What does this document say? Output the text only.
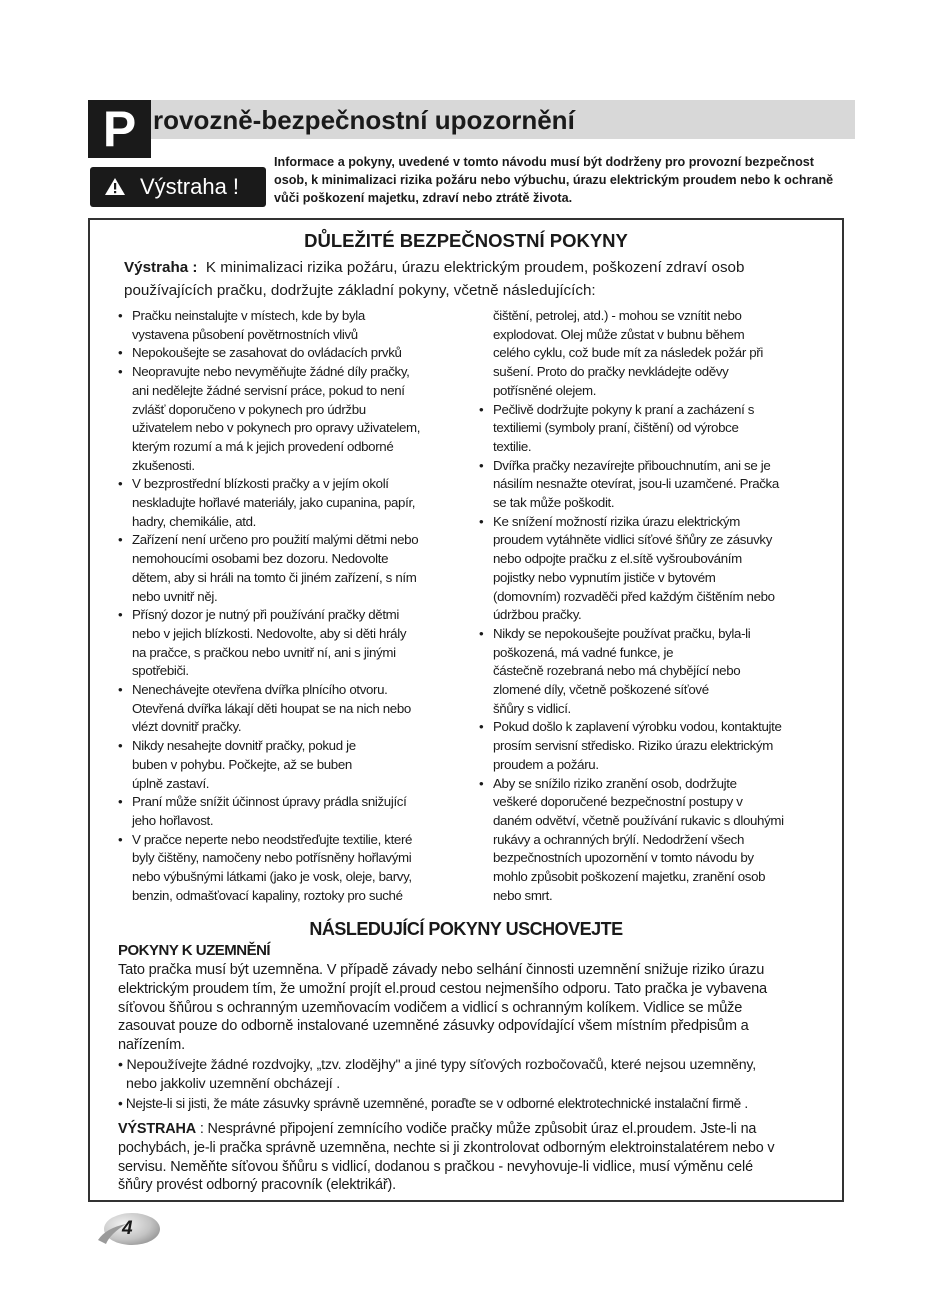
P rovozně-bezpečnostní upozornění
Výstraha !
Informace a pokyny, uvedené v tomto návodu musí být dodrženy pro provozní bezpečnost osob, k minimalizaci rizika požáru nebo výbuchu, úrazu elektrickým proudem nebo k ochraně vůči poškození majetku, zdraví nebo ztrátě života.
DŮLEŽITÉ BEZPEČNOSTNÍ POKYNY
Výstraha : K minimalizaci rizika požáru, úrazu elektrickým proudem, poškození zdraví osob
používajících pračku, dodržujte základní pokyny, včetně následujících:
• Pračku neinstalujte v místech, kde by byla
vystavena působení povětrnostních vlivů
• Nepokoušejte se zasahovat do ovládacích prvků
• Neopravujte nebo nevyměňujte žádné díly pračky,
ani nedělejte žádné servisní práce, pokud to není
zvlášť doporučeno v pokynech pro údržbu
uživatelem nebo v pokynech pro opravy uživatelem,
kterým rozumí a má k jejich provedení odborné
zkušenosti.
• V bezprostřední blízkosti pračky a v jejím okolí
neskladujte hořlavé materiály, jako cupanina, papír,
hadry, chemikálie, atd.
• Zařízení není určeno pro použití malými dětmi nebo
nemohoucími osobami bez dozoru. Nedovolte
dětem, aby si hráli na tomto či jiném zařízení, s ním
nebo uvnitř něj.
• Přísný dozor je nutný při používání pračky dětmi
nebo v jejich blízkosti. Nedovolte, aby si děti hrály
na pračce, s pračkou nebo uvnitř ní, ani s jinými
spotřebiči.
• Nenechávejte otevřena dvířka plnícího otvoru.
Otevřená dvířka lákají děti houpat se na nich nebo
vlézt dovnitř pračky.
• Nikdy nesahejte dovnitř pračky, pokud je
buben v pohybu. Počkejte, až se buben
úplně zastaví.
• Praní může snížit účinnost úpravy prádla snižující
jeho hořlavost.
• V pračce neperte nebo neodstřeďujte textilie, které
byly čištěny, namočeny nebo potřísněny hořlavými
nebo výbušnými látkami (jako je vosk, oleje, barvy,
benzin, odmašťovací kapaliny, roztoky pro suché
čištění, petrolej, atd.) - mohou se vznítit nebo
explodovat. Olej může zůstat v bubnu během
celého cyklu, což bude mít za následek požár při
sušení. Proto do pračky nevkládejte oděvy
potřísněné olejem.
• Pečlivě dodržujte pokyny k praní a zacházení s
textiliemi (symboly praní, čištění) od výrobce
textilie.
• Dvířka pračky nezavírejte přibouchnutím, ani se je
násilím nesnažte otevírat, jsou-li uzamčené. Pračka
se tak může poškodit.
• Ke snížení možností rizika úrazu elektrickým
proudem vytáhněte vidlici síťové šňůry ze zásuvky
nebo odpojte pračku z el.sítě vyšroubováním
pojistky nebo vypnutím jističe v bytovém
(domovním) rozvaděči před každým čištěním nebo
údržbou pračky.
• Nikdy se nepokoušejte používat pračku, byla-li
poškozená, má vadné funkce, je
částečně rozebraná nebo má chybějící nebo
zlomené díly, včetně poškozené síťové
šňůry s vidlicí.
• Pokud došlo k zaplavení výrobku vodou, kontaktujte
prosím servisní středisko. Riziko úrazu elektrickým
proudem a požáru.
• Aby se snížilo riziko zranění osob, dodržujte
veškeré doporučené bezpečnostní postupy v
daném odvětví, včetně používání rukavic s dlouhými
rukávy a ochranných brýlí. Nedodržení všech
bezpečnostních upozornění v tomto návodu by
mohlo způsobit poškození majetku, zranění osob
nebo smrt.
NÁSLEDUJÍCÍ POKYNY USCHOVEJTE
POKYNY K UZEMNĚNÍ
Tato pračka musí být uzemněna. V případě závady nebo selhání činnosti uzemnění snižuje riziko úrazu
elektrickým proudem tím, že umožní projít el.proud cestou nejmenšího odporu. Tato pračka je vybavena
síťovou šňůrou s ochranným uzemňovacím vodičem a vidlicí s ochranným kolíkem. Vidlice se může
zasouvat pouze do odborně instalované uzemněné zásuvky odpovídající všem místním předpisům a
nařízením.
• Nepoužívejte žádné rozdvojky, „tzv. zlodějhy" a jiné typy síťových rozbočovačů, které nejsou uzemněny,
nebo jakkoliv uzemnění obcházejí .
• Nejste-li si jisti, že máte zásuvky správně uzemněné, poraďte se v odborné elektrotechnické instalační firmě .
VÝSTRAHA : Nesprávné připojení zemnícího vodiče pračky může způsobit úraz el.proudem. Jste-li na
pochybách, je-li pračka správně uzemněna, nechte si ji zkontrolovat odborným elektroinstalatérem nebo v
servisu. Neměňte síťovou šňůru s vidlicí, dodanou s pračkou - nevyhovuje-li vidlice, musí výměnu celé
šňůry provést odborný pracovník (elektrikář).
4
